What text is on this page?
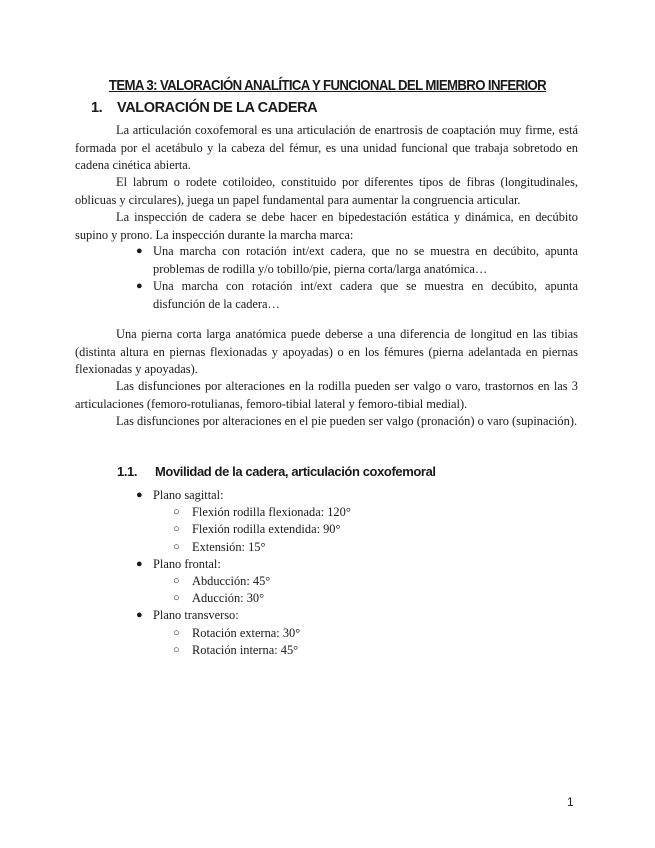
TEMA 3: VALORACIÓN ANALÍTICA Y FUNCIONAL DEL MIEMBRO INFERIOR
1. VALORACIÓN DE LA CADERA

La articulación coxofemoral es una articulación de enartrosis de coaptación muy firme, está formada por el acetábulo y la cabeza del fémur, es una unidad funcional que trabaja sobretodo en cadena cinética abierta.

El labrum o rodete cotiloideo, constituido por diferentes tipos de fibras (longitudinales, oblicuas y circulares), juega un papel fundamental para aumentar la congruencia articular.

La inspección de cadera se debe hacer en bipedestación estática y dinámica, en decúbito supino y prono. La inspección durante la marcha marca:

● Una marcha con rotación int/ext cadera, que no se muestra en decúbito, apunta problemas de rodilla y/o tobillo/pie, pierna corta/larga anatómica…
● Una marcha con rotación int/ext cadera que se muestra en decúbito, apunta disfunción de la cadera…

Una pierna corta larga anatómica puede deberse a una diferencia de longitud en las tibias (distinta altura en piernas flexionadas y apoyadas) o en los fémures (pierna adelantada en piernas flexionadas y apoyadas).

Las disfunciones por alteraciones en la rodilla pueden ser valgo o varo, trastornos en las 3 articulaciones (femoro-rotulianas, femoro-tibial lateral y femoro-tibial medial).

Las disfunciones por alteraciones en el pie pueden ser valgo (pronación) o varo (supinación).

1.1. Movilidad de la cadera, articulación coxofemoral
● Plano sagittal:
○ Flexión rodilla flexionada: 120°
○ Flexión rodilla extendida: 90°
○ Extensión: 15°
● Plano frontal:
○ Abducción: 45°
○ Aducción: 30°
● Plano transverso:
○ Rotación externa: 30°
○ Rotación interna: 45°
1
